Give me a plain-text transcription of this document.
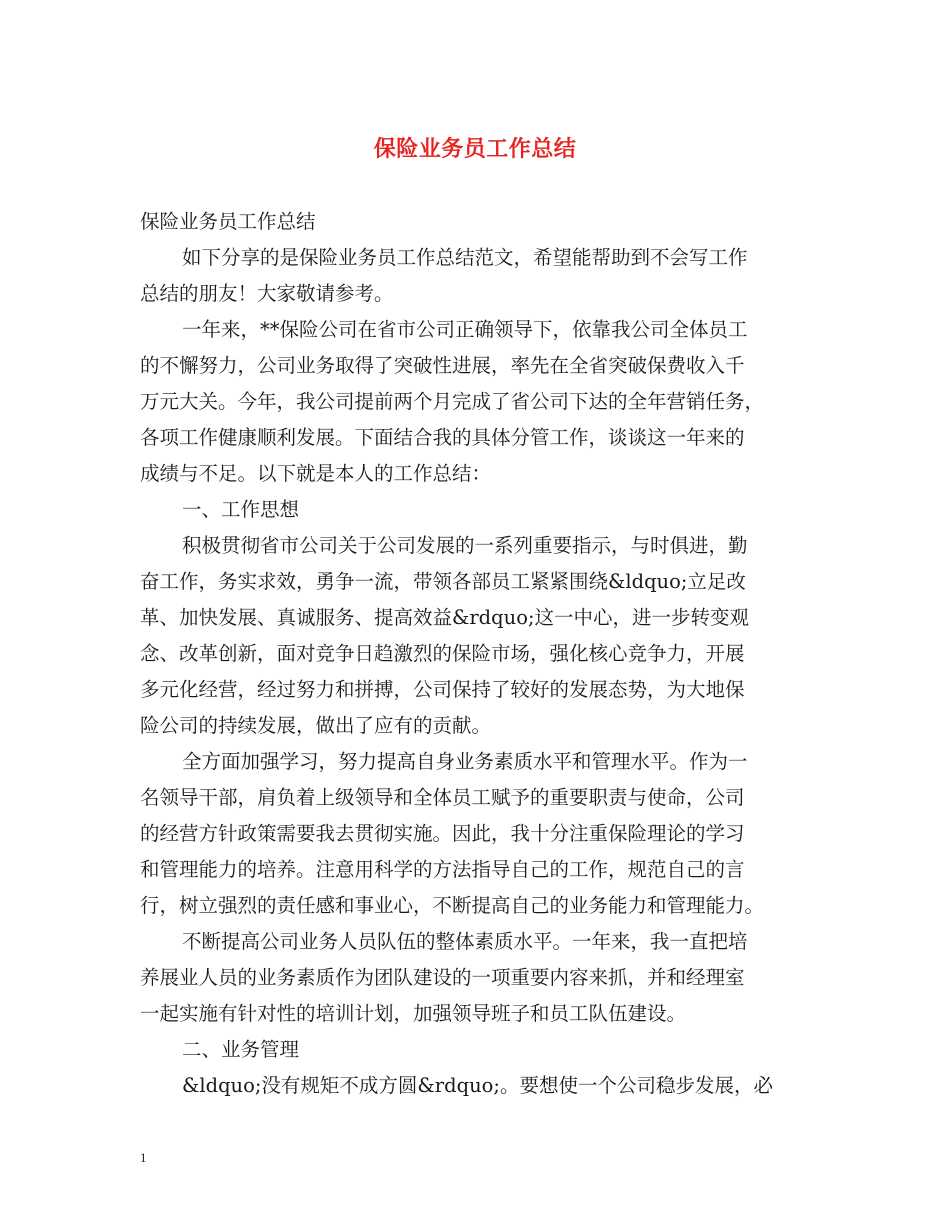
保险业务员工作总结
保险业务员工作总结
如下分享的是保险业务员工作总结范文，希望能帮助到不会写工作
总结的朋友！大家敬请参考。
一年来，**保险公司在省市公司正确领导下，依靠我公司全体员工
的不懈努力，公司业务取得了突破性进展，率先在全省突破保费收入千
万元大关。今年，我公司提前两个月完成了省公司下达的全年营销任务，
各项工作健康顺利发展。下面结合我的具体分管工作，谈谈这一年来的
成绩与不足。以下就是本人的工作总结：
一、工作思想
积极贯彻省市公司关于公司发展的一系列重要指示，与时俱进，勤
奋工作，务实求效，勇争一流，带领各部员工紧紧围绕&ldquo;立足改
革、加快发展、真诚服务、提高效益&rdquo;这一中心，进一步转变观
念、改革创新，面对竞争日趋激烈的保险市场，强化核心竞争力，开展
多元化经营，经过努力和拼搏，公司保持了较好的发展态势，为大地保
险公司的持续发展，做出了应有的贡献。
全方面加强学习，努力提高自身业务素质水平和管理水平。作为一
名领导干部，肩负着上级领导和全体员工赋予的重要职责与使命，公司
的经营方针政策需要我去贯彻实施。因此，我十分注重保险理论的学习
和管理能力的培养。注意用科学的方法指导自己的工作，规范自己的言
行，树立强烈的责任感和事业心，不断提高自己的业务能力和管理能力。
不断提高公司业务人员队伍的整体素质水平。一年来，我一直把培
养展业人员的业务素质作为团队建设的一项重要内容来抓，并和经理室
一起实施有针对性的培训计划，加强领导班子和员工队伍建设。
二、业务管理
&ldquo;没有规矩不成方圆&rdquo;。要想使一个公司稳步发展，必
1
